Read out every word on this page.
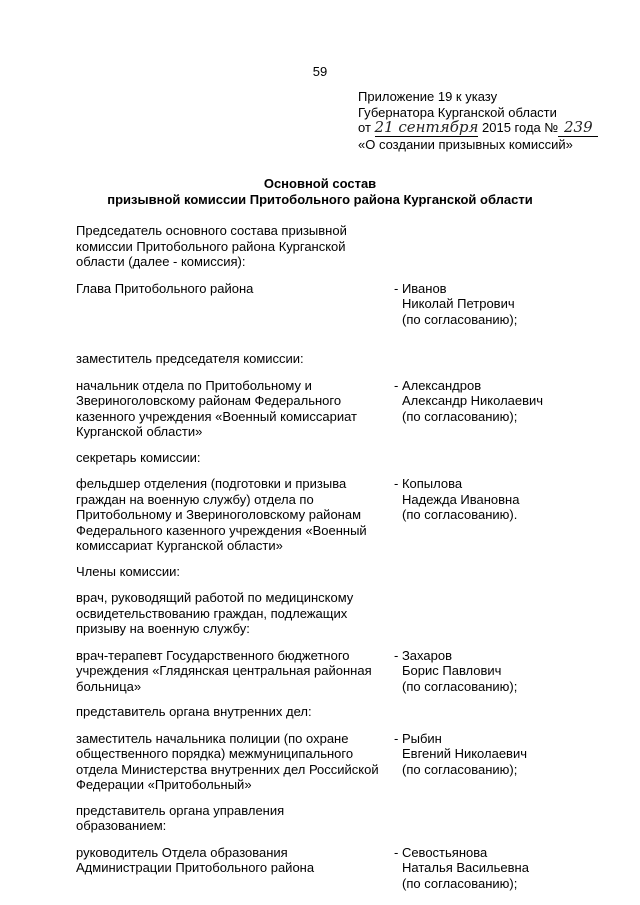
59
Приложение 19 к указу
Губернатора Курганской области
от 21 сентября 2015 года № 239
«О создании призывных комиссий»
Основной состав
призывной комиссии Притобольного района Курганской области
Председатель основного состава призывной
комиссии Притобольного района Курганской
области (далее - комиссия):
Глава Притобольного района	- Иванов
Николай Петрович
(по согласованию);
заместитель председателя комиссии:
начальник отдела по Притобольному и
Звериноголовскому районам Федерального
казенного учреждения «Военный комиссариат
Курганской области»
- Александров
Александр Николаевич
(по согласованию);
секретарь комиссии:
фельдшер отделения (подготовки и призыва
граждан на военную службу) отдела по
Притобольному и Звериноголовскому районам
Федерального казенного учреждения «Военный
комиссариат Курганской области»
- Копылова
Надежда Ивановна
(по согласованию).
Члены комиссии:
врач, руководящий работой по медицинскому
освидетельствованию граждан, подлежащих
призыву на военную службу:
врач-терапевт Государственного бюджетного
учреждения «Глядянская центральная районная
больница»
- Захаров
Борис Павлович
(по согласованию);
представитель органа внутренних дел:
заместитель начальника полиции (по охране
общественного порядка) межмуниципального
отдела Министерства внутренних дел Российской
Федерации «Притобольный»
- Рыбин
Евгений Николаевич
(по согласованию);
представитель органа управления
образованием:
руководитель Отдела образования
Администрации Притобольного района
- Севостьянова
Наталья Васильевна
(по согласованию);
